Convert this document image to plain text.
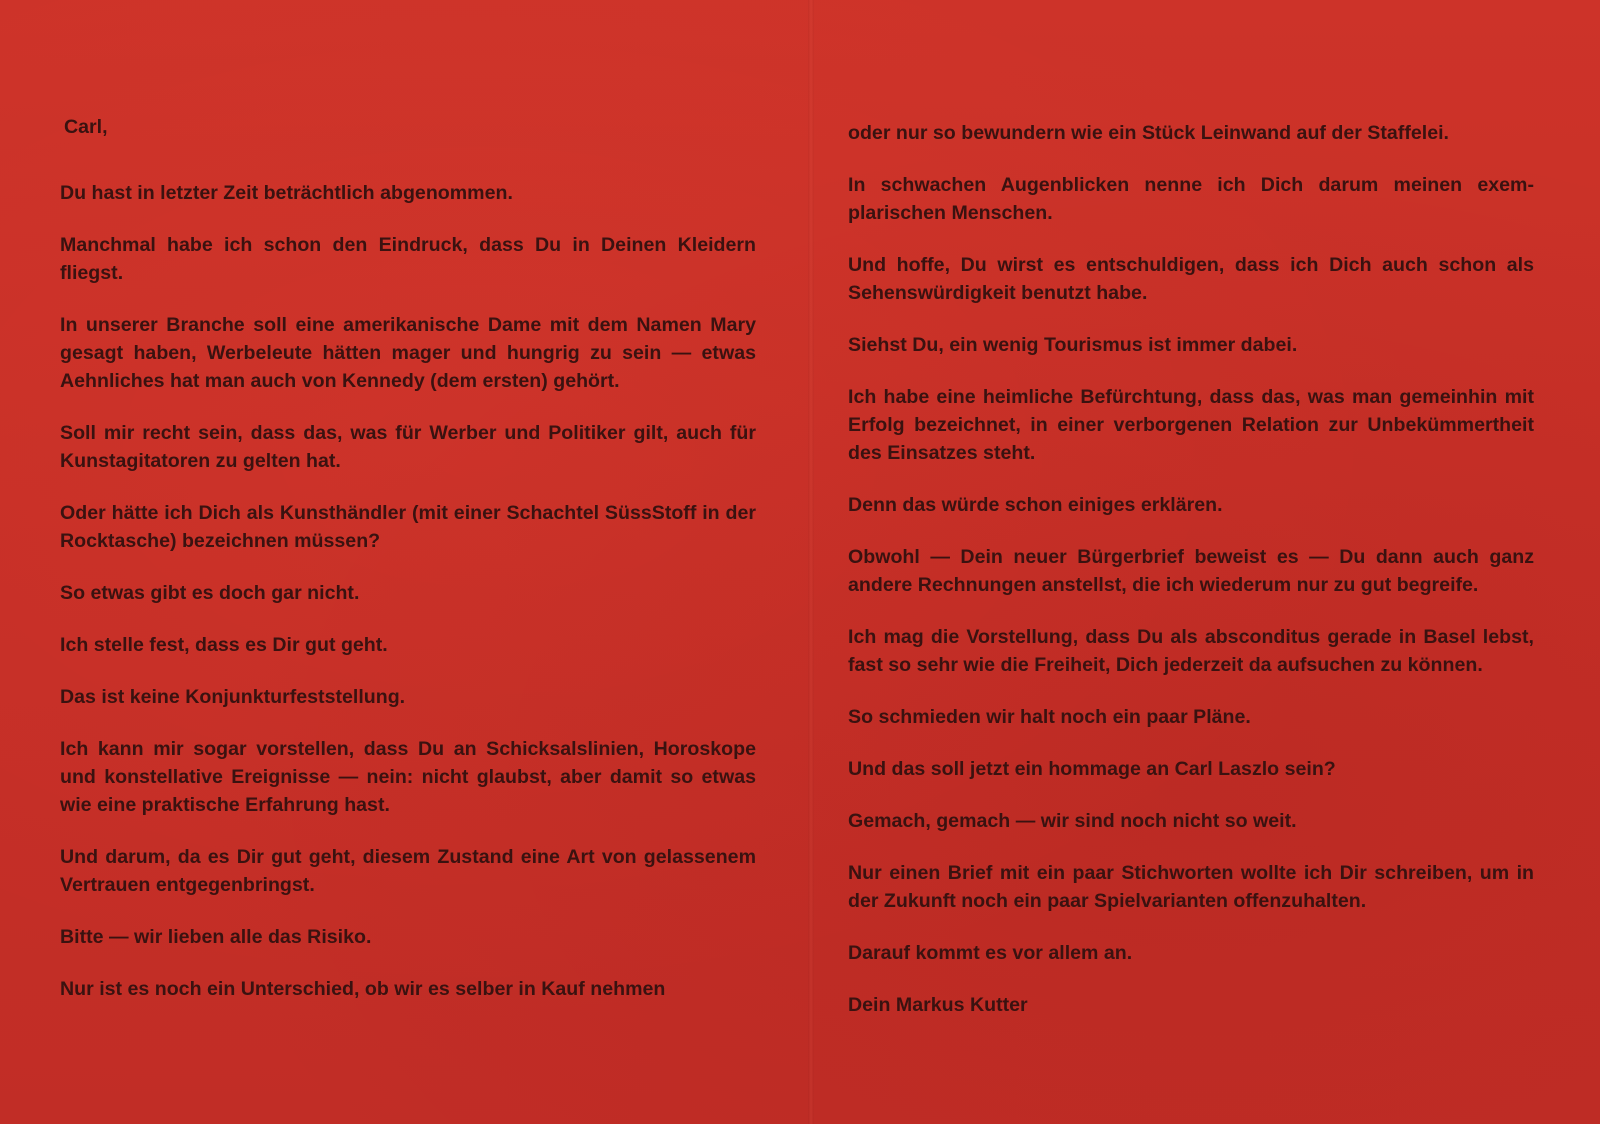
Carl,

Du hast in letzter Zeit beträchtlich abgenommen.

Manchmal habe ich schon den Eindruck, dass Du in Deinen Kleidern fliegst.

In unserer Branche soll eine amerikanische Dame mit dem Namen Mary gesagt haben, Werbeleute hätten mager und hungrig zu sein — etwas Aehnliches hat man auch von Kennedy (dem ersten) gehört.

Soll mir recht sein, dass das, was für Werber und Politiker gilt, auch für Kunstagitatoren zu gelten hat.

Oder hätte ich Dich als Kunsthändler (mit einer Schachtel SüssStoff in der Rocktasche) bezeichnen müssen?

So etwas gibt es doch gar nicht.

Ich stelle fest, dass es Dir gut geht.

Das ist keine Konjunkturfeststellung.

Ich kann mir sogar vorstellen, dass Du an Schicksalslinien, Horoskope und konstellative Ereignisse — nein: nicht glaubst, aber damit so etwas wie eine praktische Erfahrung hast.

Und darum, da es Dir gut geht, diesem Zustand eine Art von gelassenem Vertrauen entgegenbringst.

Bitte — wir lieben alle das Risiko.

Nur ist es noch ein Unterschied, ob wir es selber in Kauf nehmen

oder nur so bewundern wie ein Stück Leinwand auf der Staffelei.

In schwachen Augenblicken nenne ich Dich darum meinen exemplarischen Menschen.

Und hoffe, Du wirst es entschuldigen, dass ich Dich auch schon als Sehenswürdigkeit benutzt habe.

Siehst Du, ein wenig Tourismus ist immer dabei.

Ich habe eine heimliche Befürchtung, dass das, was man gemeinhin mit Erfolg bezeichnet, in einer verborgenen Relation zur Unbekümmertheit des Einsatzes steht.

Denn das würde schon einiges erklären.

Obwohl — Dein neuer Bürgerbrief beweist es — Du dann auch ganz andere Rechnungen anstellst, die ich wiederum nur zu gut begreife.

Ich mag die Vorstellung, dass Du als absconditus gerade in Basel lebst, fast so sehr wie die Freiheit, Dich jederzeit da aufsuchen zu können.

So schmieden wir halt noch ein paar Pläne.

Und das soll jetzt ein hommage an Carl Laszlo sein?

Gemach, gemach — wir sind noch nicht so weit.

Nur einen Brief mit ein paar Stichworten wollte ich Dir schreiben, um in der Zukunft noch ein paar Spielvarianten offenzuhalten.

Darauf kommt es vor allem an.

Dein Markus Kutter
